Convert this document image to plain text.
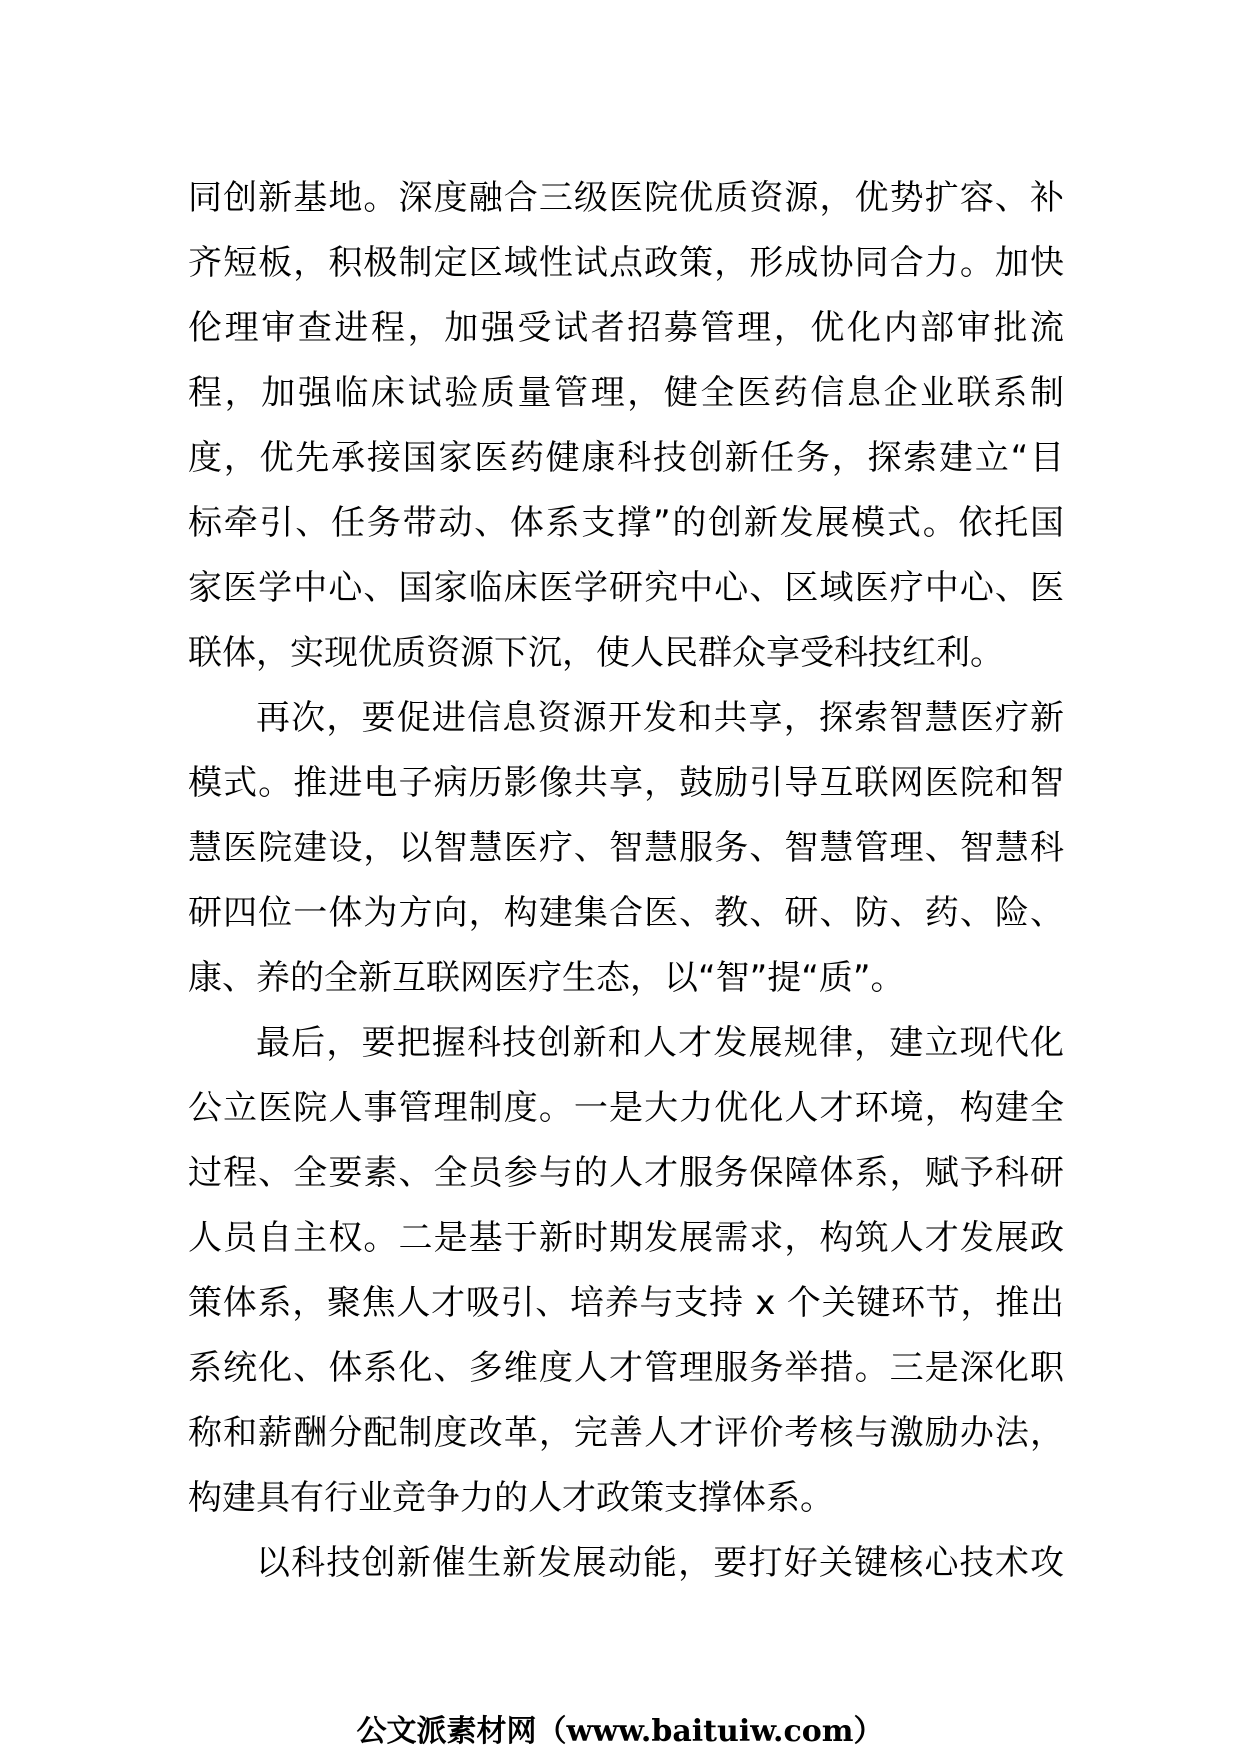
同创新基地。深度融合三级医院优质资源，优势扩容、补
齐短板，积极制定区域性试点政策，形成协同合力。加快
伦理审查进程，加强受试者招募管理，优化内部审批流
程，加强临床试验质量管理，健全医药信息企业联系制
度，优先承接国家医药健康科技创新任务，探索建立“目
标牵引、任务带动、体系支撑”的创新发展模式。依托国
家医学中心、国家临床医学研究中心、区域医疗中心、医
联体，实现优质资源下沉，使人民群众享受科技红利。
再次，要促进信息资源开发和共享，探索智慧医疗新
模式。推进电子病历影像共享，鼓励引导互联网医院和智
慧医院建设，以智慧医疗、智慧服务、智慧管理、智慧科
研四位一体为方向，构建集合医、教、研、防、药、险、
康、养的全新互联网医疗生态，以“智”提“质”。
最后，要把握科技创新和人才发展规律，建立现代化
公立医院人事管理制度。一是大力优化人才环境，构建全
过程、全要素、全员参与的人才服务保障体系，赋予科研
人员自主权。二是基于新时期发展需求，构筑人才发展政
策体系，聚焦人才吸引、培养与支持 x 个关键环节，推出
系统化、体系化、多维度人才管理服务举措。三是深化职
称和薪酬分配制度改革，完善人才评价考核与激励办法，
构建具有行业竞争力的人才政策支撑体系。
以科技创新催生新发展动能，要打好关键核心技术攻
公文派素材网（www.baituiw.com）
